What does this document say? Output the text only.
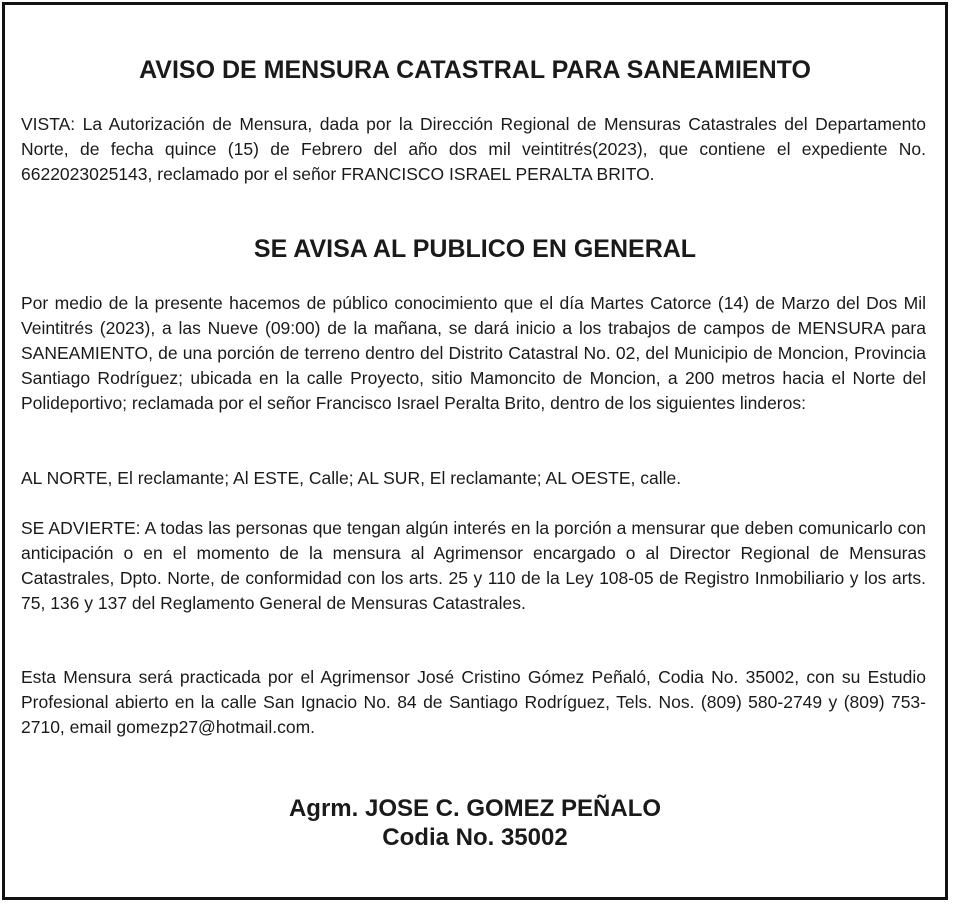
AVISO DE MENSURA CATASTRAL PARA SANEAMIENTO

VISTA: La Autorización de Mensura, dada por la Dirección Regional de Mensuras Catastrales del Departamento Norte, de fecha quince (15) de Febrero del año dos mil veintitrés(2023), que contiene el expediente No. 6622023025143, reclamado por el señor FRANCISCO ISRAEL PERALTA BRITO.

SE AVISA AL PUBLICO EN GENERAL

Por medio de la presente hacemos de público conocimiento que el día Martes Catorce (14) de Marzo del Dos Mil Veintitrés (2023), a las Nueve (09:00) de la mañana, se dará inicio a los trabajos de campos de MENSURA para SANEAMIENTO, de una porción de terreno dentro del Distrito Catastral No. 02, del Municipio de Moncion, Provincia Santiago Rodríguez; ubicada en la calle Proyecto, sitio Mamoncito de Moncion, a 200 metros hacia el Norte del Polideportivo; reclamada por el señor Francisco Israel Peralta Brito, dentro de los siguientes linderos:

AL NORTE, El reclamante; Al ESTE, Calle; AL SUR, El reclamante; AL OESTE, calle.

SE ADVIERTE: A todas las personas que tengan algún interés en la porción a mensurar que deben comunicarlo con anticipación o en el momento de la mensura al Agrimensor encargado o al Director Regional de Mensuras Catastrales, Dpto. Norte, de conformidad con los arts. 25 y 110 de la Ley 108-05 de Registro Inmobiliario y los arts. 75, 136 y 137 del Reglamento General de Mensuras Catastrales.

Esta Mensura será practicada por el Agrimensor José Cristino Gómez Peñaló, Codia No. 35002, con su Estudio Profesional abierto en la calle San Ignacio No. 84 de Santiago Rodríguez, Tels. Nos. (809) 580-2749 y (809) 753-2710, email gomezp27@hotmail.com.

Agrm. JOSE C. GOMEZ PEÑALO
Codia No. 35002
